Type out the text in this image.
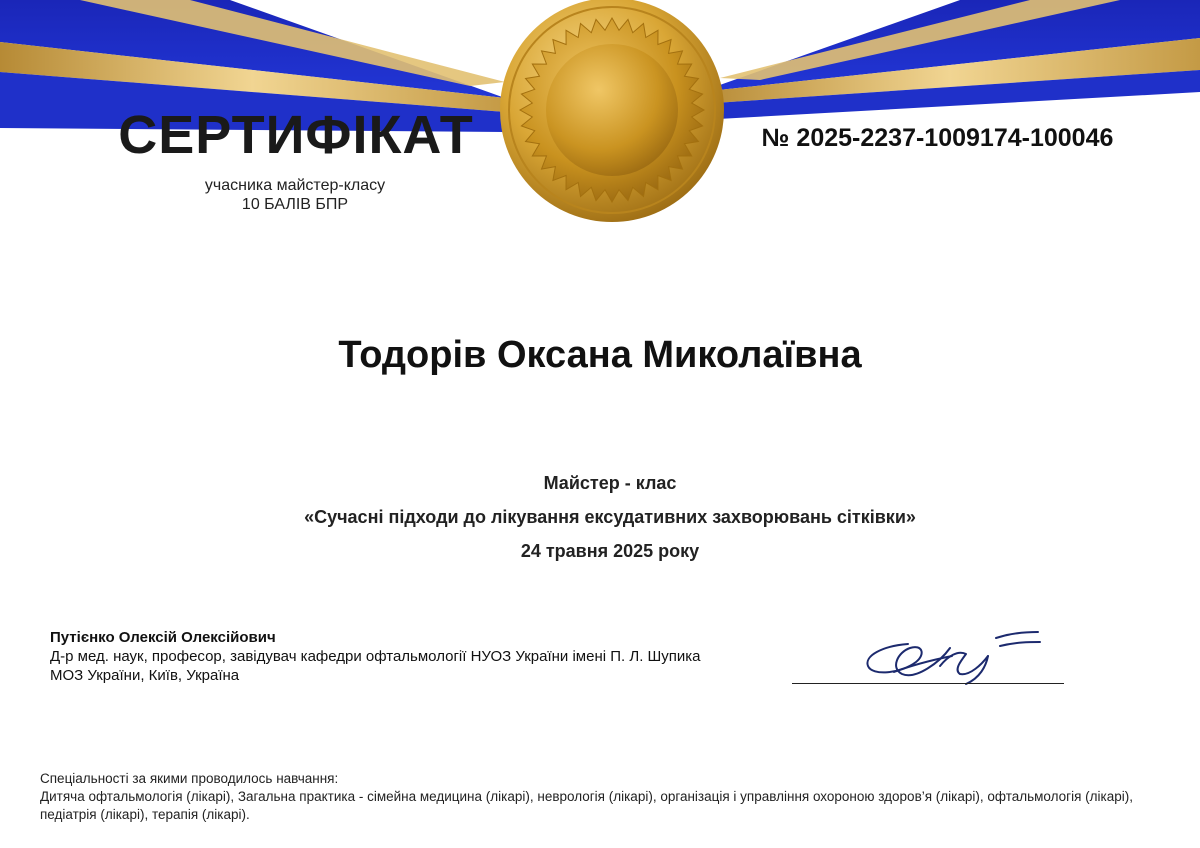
СЕРТИФІКАТ
учасника майстер-класу
10 БАЛІВ БПР
№ 2025-2237-1009174-100046
Тодорів Оксана Миколаївна
Майстер - клас
«Сучасні підходи до лікування ексудативних захворювань сітківки»
24 травня 2025 року
Путієнко Олексій Олексійович
Д-р мед. наук, професор, завідувач кафедри офтальмології НУОЗ України імені П. Л. Шупика
МОЗ України, Київ, Україна
Спеціальності за якими проводилось навчання:
Дитяча офтальмологія (лікарі), Загальна практика - сімейна медицина (лікарі), неврологія (лікарі), організація і управління охороною здоров’я (лікарі), офтальмологія (лікарі), педіатрія (лікарі), терапія (лікарі).
